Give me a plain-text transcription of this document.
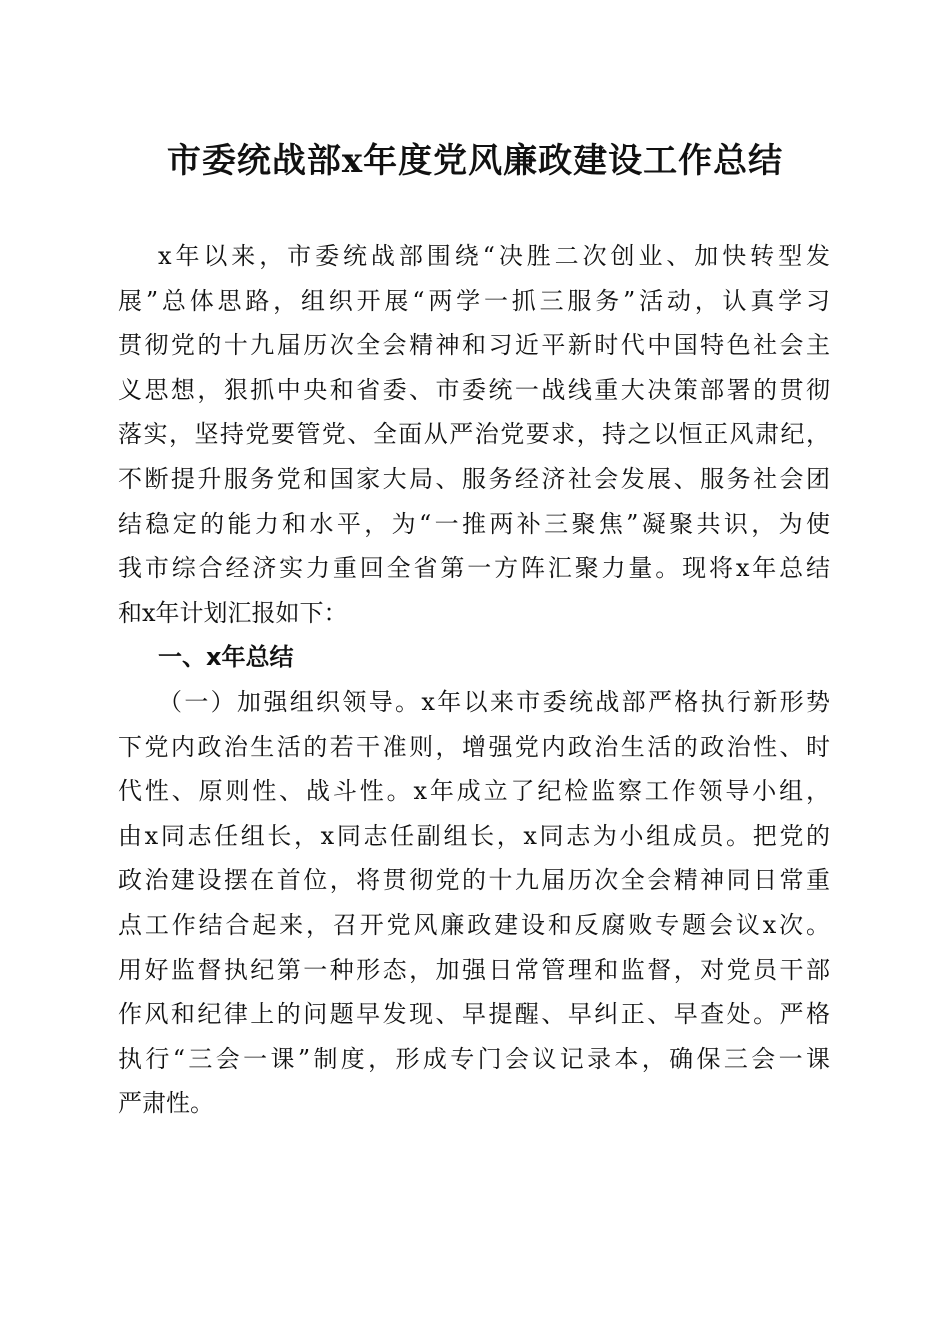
市委统战部x年度党风廉政建设工作总结
x年以来，市委统战部围绕“决胜二次创业、加快转型发
展”总体思路，组织开展“两学一抓三服务”活动，认真学习
贯彻党的十九届历次全会精神和习近平新时代中国特色社会主
义思想，狠抓中央和省委、市委统一战线重大决策部署的贯彻
落实，坚持党要管党、全面从严治党要求，持之以恒正风肃纪，
不断提升服务党和国家大局、服务经济社会发展、服务社会团
结稳定的能力和水平，为“一推两补三聚焦”凝聚共识，为使
我市综合经济实力重回全省第一方阵汇聚力量。现将x年总结
和x年计划汇报如下：
一、x年总结
（一）加强组织领导。x年以来市委统战部严格执行新形势
下党内政治生活的若干准则，增强党内政治生活的政治性、时
代性、原则性、战斗性。x年成立了纪检监察工作领导小组，
由x同志任组长，x同志任副组长，x同志为小组成员。把党的
政治建设摆在首位，将贯彻党的十九届历次全会精神同日常重
点工作结合起来，召开党风廉政建设和反腐败专题会议x次。
用好监督执纪第一种形态，加强日常管理和监督，对党员干部
作风和纪律上的问题早发现、早提醒、早纠正、早查处。严格
执行“三会一课”制度，形成专门会议记录本，确保三会一课
严肃性。
